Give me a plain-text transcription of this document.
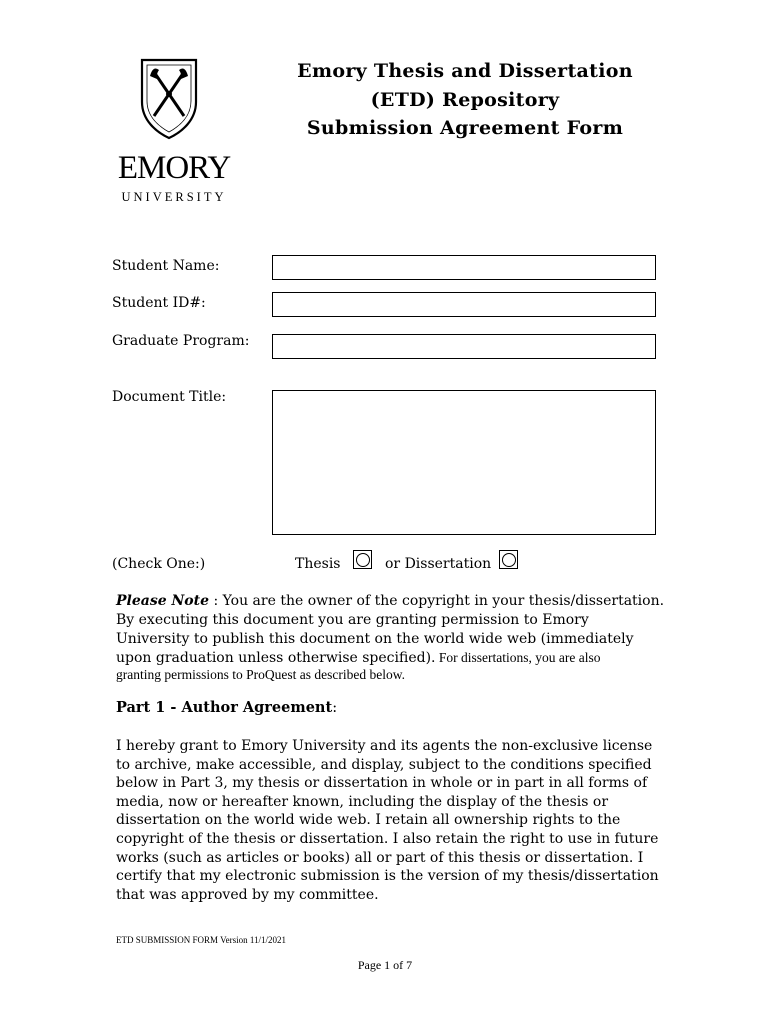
EMORY
UNIVERSITY
Emory Thesis and Dissertation
(ETD) Repository
Submission Agreement Form
Student Name:
Student ID#:
Graduate Program:
Document Title:
(Check One:)	Thesis	or Dissertation
Please Note : You are the owner of the copyright in your thesis/dissertation.
By executing this document you are granting permission to Emory
University to publish this document on the world wide web (immediately
upon graduation unless otherwise specified). For dissertations, you are also
granting permissions to ProQuest as described below.
Part 1 - Author Agreement:
I hereby grant to Emory University and its agents the non-exclusive license
to archive, make accessible, and display, subject to the conditions specified
below in Part 3, my thesis or dissertation in whole or in part in all forms of
media, now or hereafter known, including the display of the thesis or
dissertation on the world wide web. I retain all ownership rights to the
copyright of the thesis or dissertation. I also retain the right to use in future
works (such as articles or books) all or part of this thesis or dissertation. I
certify that my electronic submission is the version of my thesis/dissertation
that was approved by my committee.
ETD SUBMISSION FORM Version 11/1/2021
Page 1 of 7
